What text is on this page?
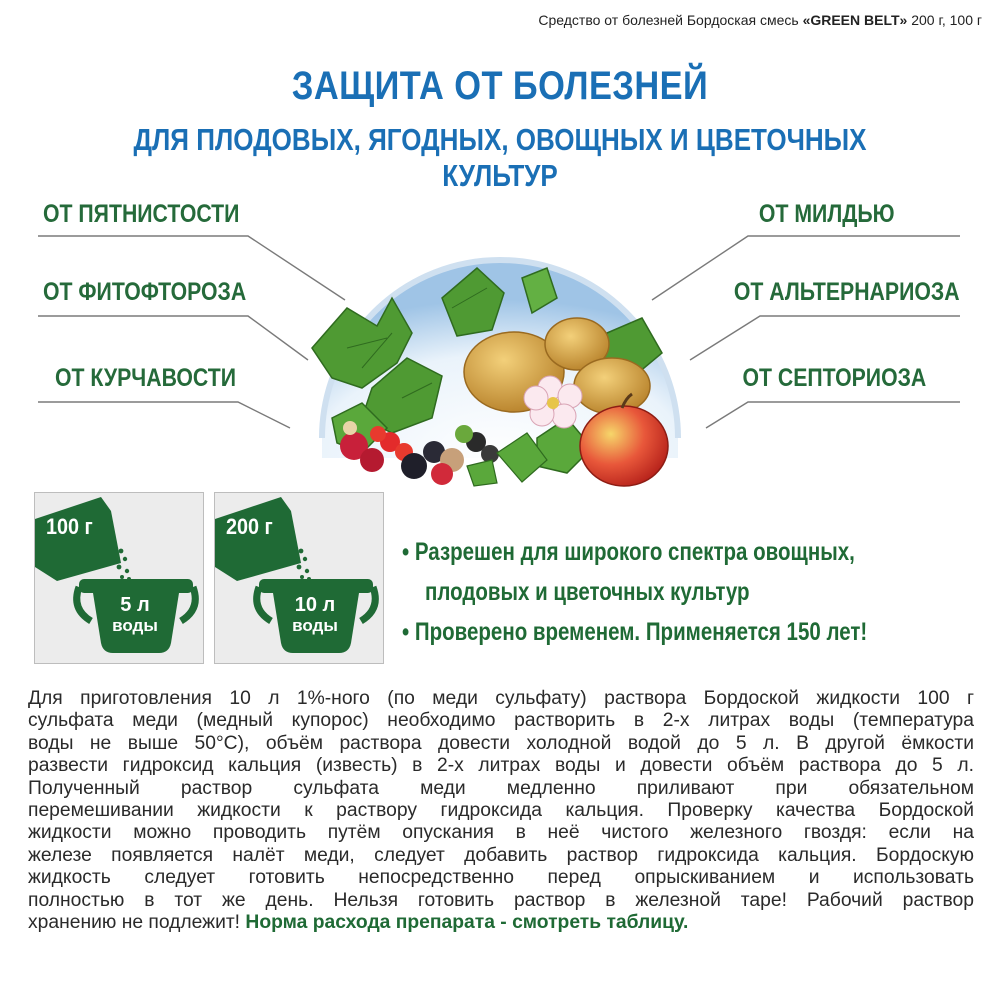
Средство от болезней Бордоская смесь «GREEN BELT» 200 г, 100 г
ЗАЩИТА ОТ БОЛЕЗНЕЙ
ДЛЯ ПЛОДОВЫХ, ЯГОДНЫХ, ОВОЩНЫХ И ЦВЕТОЧНЫХ КУЛЬТУР
ОТ ПЯТНИСТОСТИ
ОТ ФИТОФТОРОЗА
ОТ КУРЧАВОСТИ
ОТ МИЛДЬЮ
ОТ АЛЬТЕРНАРИОЗА
ОТ СЕПТОРИОЗА
100 г
5 л
воды
200 г
10 л
воды
• Разрешен для широкого спектра овощных,
плодовых и цветочных культур
• Проверено временем. Применяется 150 лет!
Для приготовления 10 л 1%-ного (по меди сульфату) раствора Бордоской жидкости 100 г
сульфата меди (медный купорос) необходимо растворить в 2-х литрах воды (температура
воды не выше 50°С), объём раствора довести холодной водой до 5 л. В другой ёмкости
развести гидроксид кальция (известь) в 2-х литрах воды и довести объём раствора до 5 л.
Полученный раствор сульфата меди медленно приливают при обязательном
перемешивании жидкости к раствору гидроксида кальция. Проверку качества Бордоской
жидкости можно проводить путём опускания в неё чистого железного гвоздя: если на
железе появляется налёт меди, следует добавить раствор гидроксида кальция. Бордоскую
жидкость следует готовить непосредственно перед опрыскиванием и использовать
полностью в тот же день. Нельзя готовить раствор в железной таре! Рабочий раствор
хранению не подлежит! Норма расхода препарата - смотреть таблицу.
